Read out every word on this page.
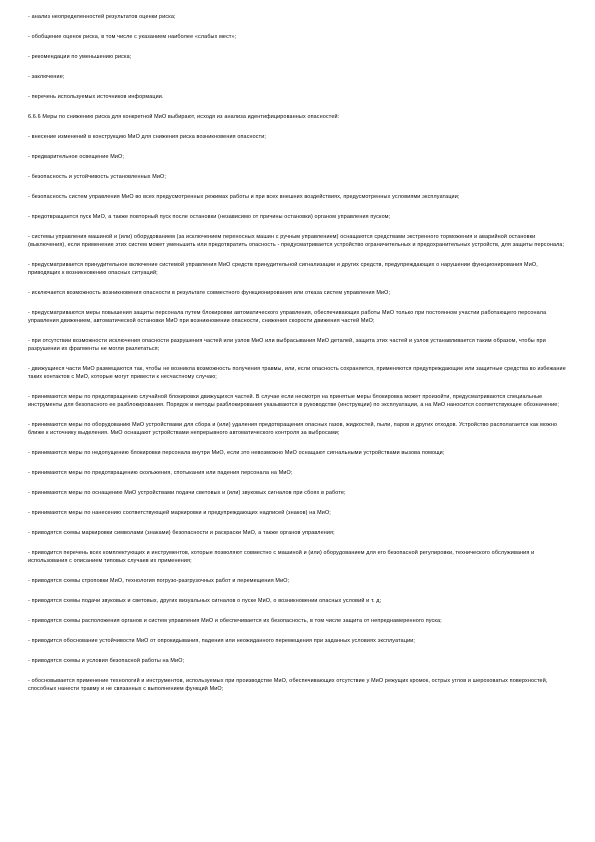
- анализ неопределенностей результатов оценки риска;

- обобщение оценок риска, в том числе с указанием наиболее «слабых мест»;

- рекомендации по уменьшению риска;

- заключение;

- перечень используемых источников информации.

6.6.6 Меры по снижению риска для конкретной МиО выбирают, исходя из анализа идентифицированных опасностей:

- внесение изменений в конструкцию МиО для снижения риска возникновения опасности;

- предварительное освещение МиО;

- безопасность и устойчивость установленных МиО;

- безопасность систем управления МиО во всех предусмотренных режимах работы и при всех внешних воздействиях, предусмотренных условиями эксплуатации;

- предотвращается пуск МиО, а также повторный пуск после остановки (независимо от причины остановки) органом управления пуском;

- системы управления машиной и (или) оборудованием (за исключением переносных машин с ручным управлением) оснащаются средствами экстренного торможения и аварийной остановки (выключения), если применение этих систем может уменьшить или предотвратить опасность - предусматривается устройство ограничительных и предохранительных устройств, для защиты персонала;

- предусматривается принудительное включение системой управления МиО средств принудительной сигнализации и других средств, предупреждающих о нарушении функционирования МиО, приводящих к возникновению опасных ситуаций;

- исключается возможность возникновения опасности в результате совместного функционирования или отказа систем управления МиО;

- предусматриваются меры повышения защиты персонала путем блокировки автоматического управления, обеспечивающих работы МиО только при постоянном участии работающего персонала управления движением, автоматической остановки МиО при возникновении опасности, снижения скорости движения частей МиО;

- при отсутствии возможности исключения опасности разрушения частей или узлов МиО или выбрасывания МиО деталей, защита этих частей и узлов устанавливается таким образом, чтобы при разрушении их фрагменты не могли разлетаться;

- движущиеся части МиО размещаются так, чтобы не возникла возможность получения травмы, или, если опасность сохраняется, применяются предупреждающие или защитные средства во избежание таких контактов с МиО, которые могут привести к несчастному случаю;

- принимаются меры по предотвращению случайной блокировки движущихся частей. В случае если несмотря на принятые меры блокировка может произойти, предусматриваются специальные инструменты для безопасного ее разблокирования. Порядок и методы разблокирования указываются в руководстве (инструкции) по эксплуатации, а на МиО наносится соответствующее обозначение;

- принимаются меры по оборудованию МиО устройствами для сбора и (или) удаления предотвращения опасных газов, жидкостей, пыли, паров и других отходов. Устройство располагается как можно ближе к источнику выделения. МиО оснащают устройствами непрерывного автоматического контроля за выбросами;

- принимаются меры по недопущению блокировки персонала внутри МиО, если это невозможно МиО оснащают сигнальными устройствами вызова помощи;

- принимаются меры по предотвращению скольжения, спотыкания или падения персонала на МиО;

- принимаются меры по оснащению МиО устройствами подачи световых и (или) звуковых сигналов при сбоях в работе;

- принимаются меры по нанесению соответствующей маркировки и предупреждающих надписей (знаков) на МиО;

- приводятся схемы маркировки символами (знаками) безопасности и раскраски МиО, а также органов управления;

- приводится перечень всех комплектующих и инструментов, которые позволяют совместно с машиной и (или) оборудованием для его безопасной регулировки, технического обслуживания и использования с описанием типовых случаев их применения;

- приводятся схемы строповки МиО, технология погрузо-разгрузочных работ и перемещения МиО;

- приводятся схемы подачи звуковых и световых, других визуальных сигналов о пуске МиО, о возникновении опасных условий и т. д;

- приводятся схемы расположения органов и систем управления МиО и обеспечивается их безопасность, в том числе защита от непреднамеренного пуска;

- приводится обоснование устойчивости МиО от опрокидывания, падения или неожиданного перемещения при заданных условиях эксплуатации;

- приводятся схемы и условия безопасной работы на МиО;

- обосновывается применение технологий и инструментов, используемых при производстве МиО, обеспечивающих отсутствие у МиО режущих кромок, острых углов и шероховатых поверхностей, способных нанести травму и не связанных с выполнением функций МиО;
